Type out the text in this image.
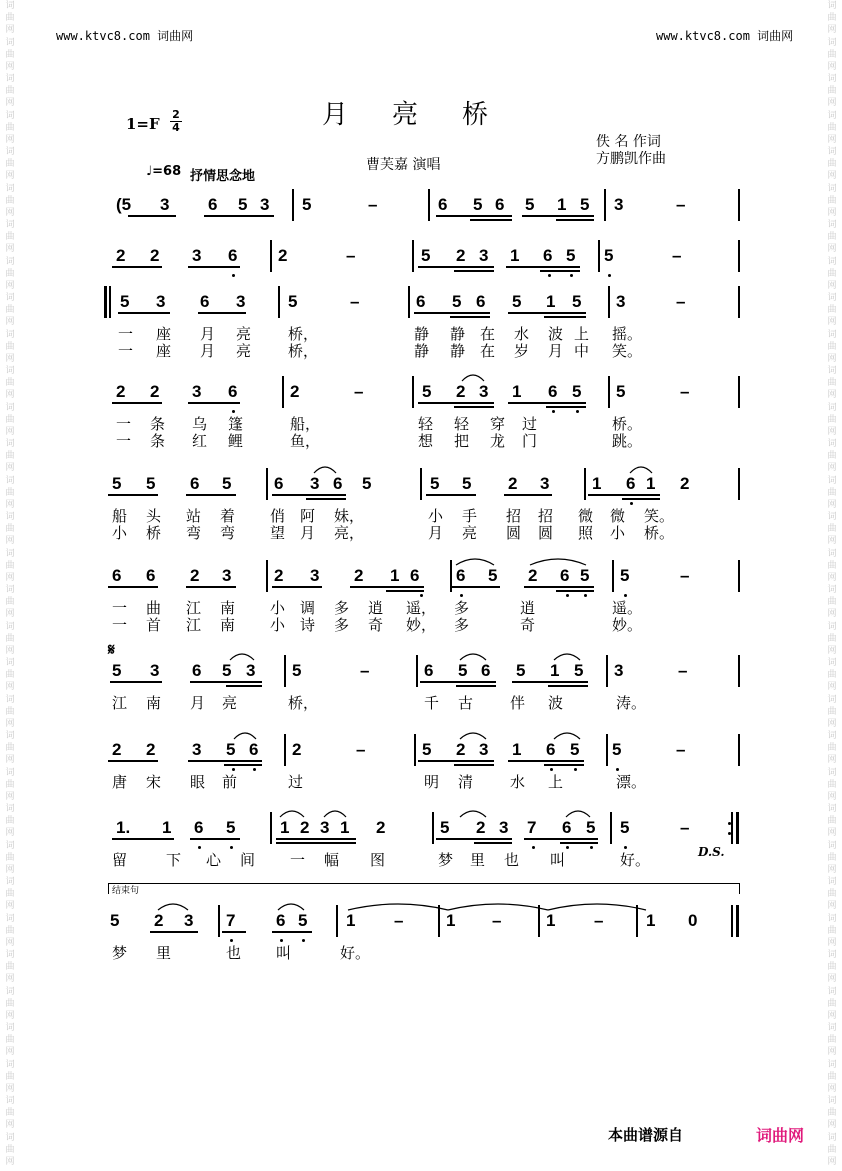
词
曲
网
词
曲
网
词
曲
网
词
曲
网
词
曲
网
词
曲
网
词
曲
网
词
曲
网
词
曲
网
词
曲
网
词
曲
网
词
曲
网
词
曲
网
词
曲
网
词
曲
网
词
曲
网
词
曲
网
词
曲
网
词
曲
网
词
曲
网
词
曲
网
词
曲
网
词
曲
网
词
曲
网
词
曲
网
词
曲
网
词
曲
网
词
曲
网
词
曲
网
词
曲
网
词
曲
网
词
曲
网
词
曲
网
词
曲
网
词
曲
网
词
曲
网
词
曲
网
词
曲
网
词
曲
网
词
曲
网
词
曲
网
词
曲
网
词
曲
网
词
曲
网
词
曲
网
词
曲
网
词
曲
网
词
曲
网
词
曲
网
词
曲
网
词
曲
网
词
曲
网
词
曲
网
词
曲
网
词
曲
网
词
曲
网
词
曲
网
词
曲
网
词
曲
网
词
曲
网
词
曲
网
词
曲
网
词
曲
网
词
曲
网
www.ktvc8.com 词曲网	www.ktvc8.com 词曲网
月亮桥
$1=F \frac{2}{4}$
佚 名 作词
方鹏凯作曲
曹芙嘉 演唱
♩=68 抒情思念地
𝄋
D.S.
结束句
(5 3 6 5 3 5	–	6 5 6 5 1 5 3	–
2 2 3 6 2	–	5 2 3 1 6 5 5	–
5 3 6 3	5	–	6 5 6 5 1 5 3	–
一 座 月 亮 桥，	静 静 在 水 波 上 摇。
一 座 月 亮 桥，	静 静 在 岁 月 中 笑。
2 2 3 6	2	–	5 2 3 1 6 5 5	–
一 条 乌 篷	船，	轻 轻 穿 过	桥。
一 条 红 鲤	鱼，	想 把 龙 门	跳。
5 5 6 5	6 3 6 5	5 5 2 3	1 6 1 2
船 头 站 着 俏 阿 妹，	小 手 招 招 微 微 笑。
小 桥 弯 弯 望 月 亮，	月 亮 圆 圆 照 小 桥。
6 6 2 3	2 3 2 1 6 6 5 2 6 5 5	–
一 曲 江 南 小 调 多 逍 遥， 多	逍	遥。
一 首 江 南 小 诗 多 奇 妙， 多	奇	妙。
5 3 6 5 3 5	–	6 5 6 5 1 5 3	–
江 南 月 亮	桥，	千 古 伴 波	涛。
2 2 3 5 6 2	–	5 2 3 1 6 5 5	–
唐 宋 眼 前	过	明 清 水 上	漂。
1. 1 6 5	1 2 3 1 2	5 2 3 7 6 5 5	–
留	下 心 间 一 幅 图	梦 里 也 叫	好。
5 2 3 7 6 5 1 –	1 –	1 –	1 0
梦 里	也 叫	好。
本曲谱源自	词曲网
